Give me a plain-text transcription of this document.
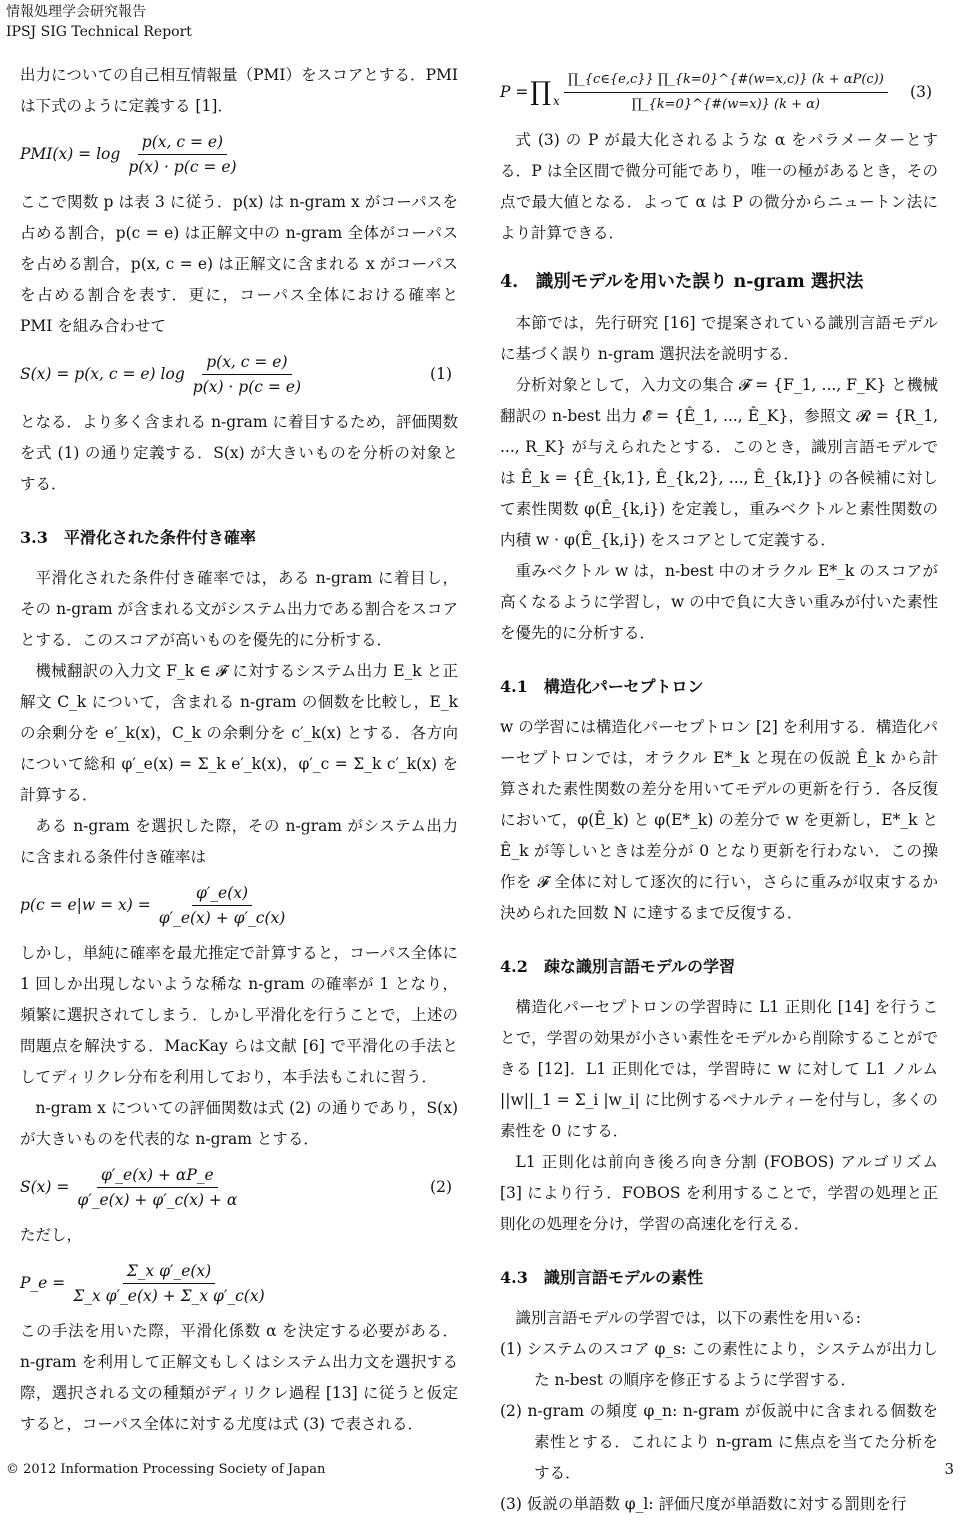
情報処理学会研究報告
IPSJ SIG Technical Report

出力についての自己相互情報量（PMI）をスコアとする．PMI は下式のように定義する [1]．

$PMI(x) = \log \frac{p(x, c = e)}{p(x) \cdot p(c = e)}$

ここで関数 p は表 3 に従う．p(x) は n-gram x がコーパスを占める割合，p(c = e) は正解文中の n-gram 全体がコーパスを占める割合，p(x, c = e) は正解文に含まれる x がコーパスを占める割合を表す．更に，コーパス全体における確率と PMI を組み合わせて

S(x) = p(x, c = e) $\log \frac{p(x, c = e)}{p(x) \cdot p(c = e)}$	(1)

となる．より多く含まれる n-gram に着目するため，評価関数を式 (1) の通り定義する．S(x) が大きいものを分析の対象とする．

3.3　平滑化された条件付き確率

平滑化された条件付き確率では，ある n-gram に着目し，その n-gram が含まれる文がシステム出力である割合をスコアとする．このスコアが高いものを優先的に分析する．

機械翻訳の入力文 F_k ∈ 𝓕 に対するシステム出力 E_k と正解文 C_k について，含まれる n-gram の個数を比較し，E_k の余剰分を e′_k(x)，C_k の余剰分を c′_k(x) とする．各方向について総和 φ′_e(x) = Σ_k e′_k(x)，φ′_c = Σ_k c′_k(x) を計算する．

ある n-gram を選択した際，その n-gram がシステム出力に含まれる条件付き確率は

$p(c = e|w = x) = \frac{\varphi'\_e(x)}{\varphi'\_e(x) + \varphi'\_c(x)}$

しかし，単純に確率を最尤推定で計算すると，コーパス全体に 1 回しか出現しないような稀な n-gram の確率が 1 となり，頻繁に選択されてしまう．しかし平滑化を行うことで，上述の問題点を解決する．MacKay らは文献 [6] で平滑化の手法としてディリクレ分布を利用しており，本手法もこれに習う．

n-gram x についての評価関数は式 (2) の通りであり，S(x) が大きいものを代表的な n-gram とする．

$S(x) = \frac{\varphi'\_e(x) + \alpha P\_e}{\varphi'\_e(x) + \varphi'\_c(x) + \alpha}$	(2)

ただし，

P_e = $\frac{\text{Σ\_x φ′\_e(x)}}{\text{Σ\_x φ′\_e(x) + Σ\_x φ′\_c(x)}}$

この手法を用いた際，平滑化係数 α を決定する必要がある．n-gram を利用して正解文もしくはシステム出力文を選択する際，選択される文の種類がディリクレ過程 [13] に従うと仮定すると，コーパス全体に対する尤度は式 (3) で表される．

P = ∏ x $\frac{\prod\_\{c\in\{e,c\}\} \prod\_\{k=0\}\^{}\{\#(w=x,c)\} (k + \alpha P(c))}{\prod\_\{k=0\}\^{}\{\#(w=x)\} (k + \alpha)} (3)$

式 (3) の P が最大化されるような α をパラメーターとする．P は全区間で微分可能であり，唯一の極があるとき，その点で最大値となる．よって α は P の微分からニュートン法により計算できる．

4.　識別モデルを用いた誤り n-gram 選択法

本節では，先行研究 [16] で提案されている識別言語モデルに基づく誤り n-gram 選択法を説明する．

分析対象として，入力文の集合 𝓕 = {F_1, ..., F_K} と機械翻訳の n-best 出力 𝓔̂ = {Ê_1, ..., Ê_K}，参照文 𝓡 = {R_1, ..., R_K} が与えられたとする．このとき，識別言語モデルでは Ê_k = {Ê_{k,1}, Ê_{k,2}, ..., Ê_{k,I}} の各候補に対して素性関数 φ(Ê_{k,i}) を定義し，重みベクトルと素性関数の内積 w · φ(Ê_{k,i}) をスコアとして定義する．

重みベクトル w は，n-best 中のオラクル E*_k のスコアが高くなるように学習し，w の中で負に大きい重みが付いた素性を優先的に分析する．

4.1　構造化パーセプトロン

w の学習には構造化パーセプトロン [2] を利用する．構造化パーセプトロンでは，オラクル E*_k と現在の仮説 Ê_k から計算された素性関数の差分を用いてモデルの更新を行う．各反復において，φ(Ê_k) と φ(E*_k) の差分で w を更新し，E*_k と Ê_k が等しいときは差分が 0 となり更新を行わない．この操作を 𝓕 全体に対して逐次的に行い，さらに重みが収束するか決められた回数 N に達するまで反復する．

4.2　疎な識別言語モデルの学習

構造化パーセプトロンの学習時に L1 正則化 [14] を行うことで，学習の効果が小さい素性をモデルから削除することができる [12]．L1 正則化では，学習時に w に対して L1 ノルム ||w||_1 = Σ_i |w_i| に比例するペナルティーを付与し，多くの素性を 0 にする．

L1 正則化は前向き後ろ向き分割 (FOBOS) アルゴリズム [3] により行う．FOBOS を利用することで，学習の処理と正則化の処理を分け，学習の高速化を行える．

4.3　識別言語モデルの素性

識別言語モデルの学習では，以下の素性を用いる:

(1) システムのスコア φ_s: この素性により，システムが出力した n-best の順序を修正するように学習する．

(2) n-gram の頻度 φ_n: n-gram が仮説中に含まれる個数を素性とする．これにより n-gram に焦点を当てた分析をする．

(3) 仮説の単語数 φ_l: 評価尺度が単語数に対する罰則を行

© 2012 Information Processing Society of Japan	3
